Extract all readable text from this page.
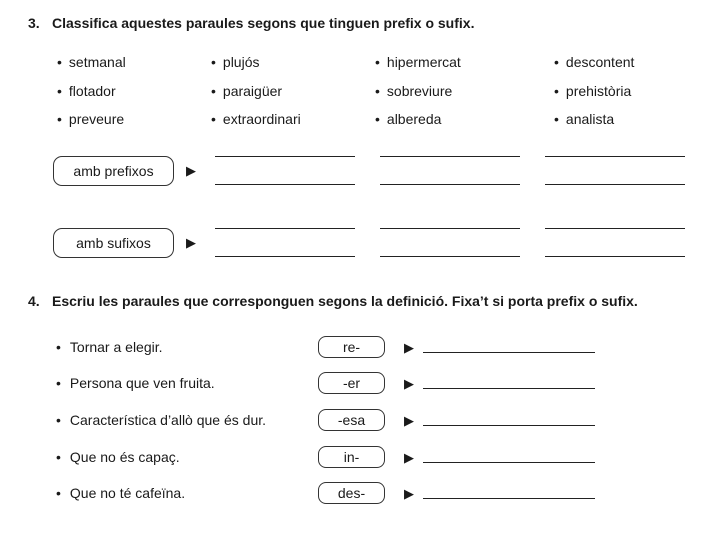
3. Classifica aquestes paraules segons que tinguen prefix o sufix.
• setmanal
• flotador
• preveure
• plujós
• paraigüer
• extraordinari
• hipermercat
• sobreviure
• albereda
• descontent
• prehistòria
• analista
amb prefixos	▶
amb sufixos	▶
4. Escriu les paraules que corresponguen segons la definició. Fixa’t si porta prefix o sufix.
• Tornar a elegir.	re-	▶
• Persona que ven fruita.	-er	▶
• Característica d’allò que és dur.	-esa	▶
• Que no és capaç.	in-	▶
• Que no té cafeïna.	des-	▶
